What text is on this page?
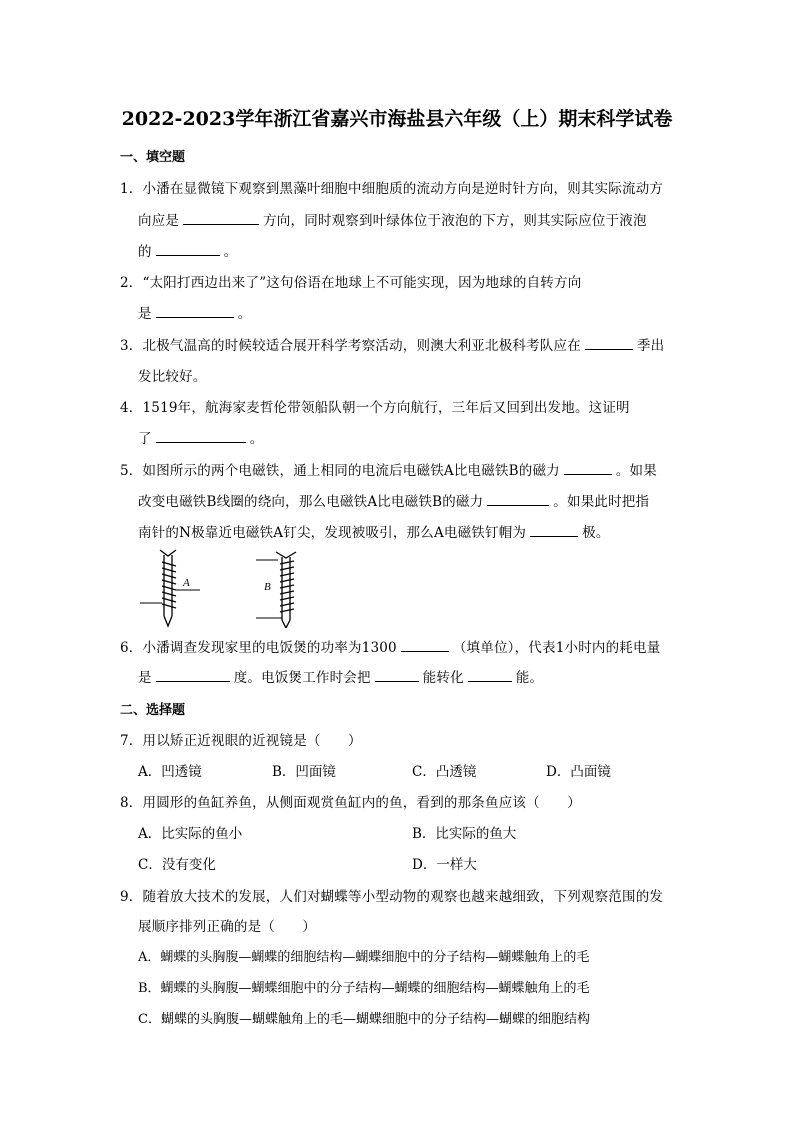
2022-2023学年浙江省嘉兴市海盐县六年级（上）期末科学试卷
一、填空题
1．小潘在显微镜下观察到黑藻叶细胞中细胞质的流动方向是逆时针方向，则其实际流动方
向应是	方向，同时观察到叶绿体位于液泡的下方，则其实际应位于液泡
的	。
2．“太阳打西边出来了”这句俗语在地球上不可能实现，因为地球的自转方向
是	。
3．北极气温高的时候较适合展开科学考察活动，则澳大利亚北极科考队应在	季出
发比较好。
4．1519年，航海家麦哲伦带领船队朝一个方向航行，三年后又回到出发地。这证明
了	。
5．如图所示的两个电磁铁，通上相同的电流后电磁铁A比电磁铁B的磁力	。如果
改变电磁铁B线圈的绕向，那么电磁铁A比电磁铁B的磁力	。如果此时把指
南针的N极靠近电磁铁A钉尖，发现被吸引，那么A电磁铁钉帽为	极。
A	B
6．小潘调查发现家里的电饭煲的功率为1300	（填单位），代表1小时内的耗电量
是	度。电饭煲工作时会把	能转化	能。
二、选择题
7．用以矫正近视眼的近视镜是（　　）
A．凹透镜	B．凹面镜	C．凸透镜	D．凸面镜
8．用圆形的鱼缸养鱼，从侧面观赏鱼缸内的鱼，看到的那条鱼应该（　　）
A．比实际的鱼小	B．比实际的鱼大
C．没有变化	D．一样大
9．随着放大技术的发展，人们对蝴蝶等小型动物的观察也越来越细致，下列观察范围的发
展顺序排列正确的是（　　）
A．蝴蝶的头胸腹—蝴蝶的细胞结构—蝴蝶细胞中的分子结构—蝴蝶触角上的毛
B．蝴蝶的头胸腹—蝴蝶细胞中的分子结构—蝴蝶的细胞结构—蝴蝶触角上的毛
C．蝴蝶的头胸腹—蝴蝶触角上的毛—蝴蝶细胞中的分子结构—蝴蝶的细胞结构
